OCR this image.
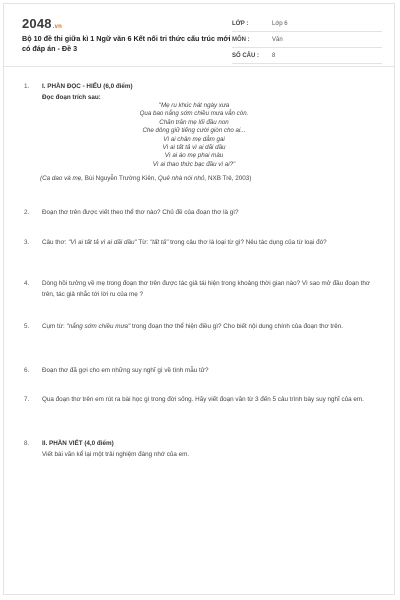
2048.vn
Bộ 10 đề thi giữa kì 1 Ngữ văn 6 Kết nối tri thức cấu trúc mới có đáp án - Đề 3
LỚP :	Lớp 6
MÔN :	Văn
SỐ CÂU :	8
1.	I. PHẦN ĐỌC - HIỂU (6,0 điểm)
Đọc đoạn trích sau:
"Mẹ ru khúc hát ngày xưa
Qua bao nắng sớm chiều mưa vẫn còn.
Chăn trăn mẹ lối đầu non
Che dông giữ tiếng cười giòn cho ai...
Vì ai chân mẹ dẫm gai
Vì ai tất tả vì ai dãi dầu
Vì ai áo mẹ phai màu
Vì ai thao thức bạc đầu vì ai?"
(Ca dao và mẹ, Bùi Nguyễn Trường Kiên, Quê nhà nói nhỏ, NXB Trẻ, 2003)
2.	Đoạn thơ trên được viết theo thể thơ nào? Chủ đề của đoạn thơ là gì?
3.	Câu thơ: "Vì ai tất tả vì ai dãi dầu" Từ: "tất tả" trong câu thơ là loại từ gì? Nêu tác dụng của từ loại đó?
4.	Dòng hồi tưởng về mẹ trong đoạn thơ trên được tác giả tái hiện trong khoảng thời gian nào? Vì sao mở đầu đoạn thơ trên, tác giả nhắc tới lời ru của mẹ ?
5.	Cụm từ: "nắng sớm chiều mưa" trong đoạn thơ thể hiện điều gì? Cho biết nội dung chính của đoạn thơ trên.
6.	Đoạn thơ đã gợi cho em những suy nghĩ gì về tình mẫu tử?
7.	Qua đoạn thơ trên em rút ra bài học gì trong đời sống. Hãy viết đoạn văn từ 3 đến 5 câu trình bày suy nghĩ của em.
8.	II. PHẦN VIẾT (4,0 điểm)
Viết bài văn kể lại một trải nghiệm đáng nhớ của em.
